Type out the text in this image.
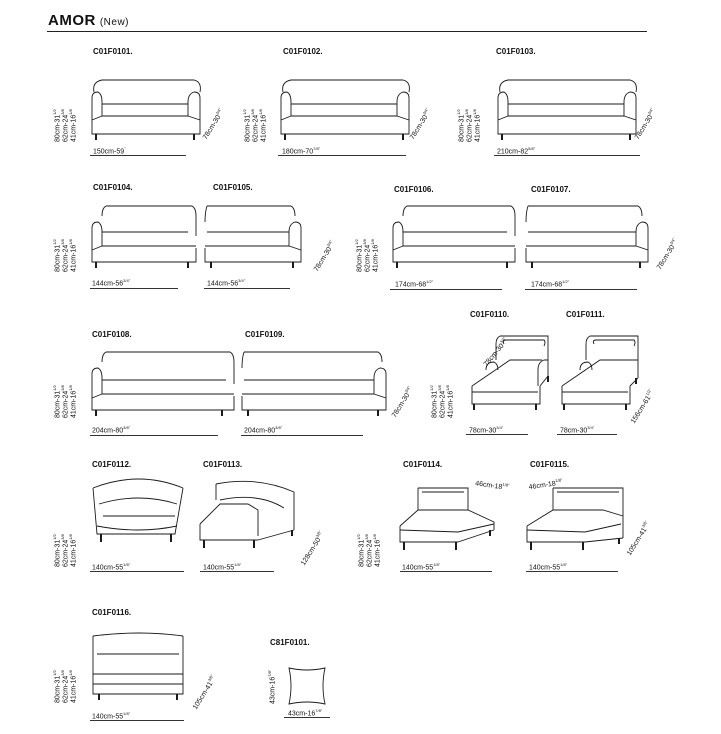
AMOR (New)
$80cm-31^{1/2}$
$62cm-24^{3/8}$
$41cm-16^{1/8}$
$80cm-31^{1/2}$
$62cm-24^{3/8}$
$41cm-16^{1/8}$
$80cm-31^{1/2}$
$62cm-24^{3/8}$
$41cm-16^{1/8}$
$80cm-31^{1/2}$
$62cm-24^{3/8}$
$41cm-16^{1/8}$
$80cm-31^{1/2}$
$62cm-24^{3/8}$
$41cm-16^{1/8}$
$80cm-31^{1/2}$
$62cm-24^{3/8}$
$41cm-16^{1/8}$
$80cm-31^{1/2}$
$62cm-24^{3/8}$
$41cm-16^{1/8}$
$80cm-31^{1/2}$
$62cm-24^{3/8}$
$41cm-16^{1/8}$
$80cm-31^{1/2}$
$62cm-24^{3/8}$
$41cm-16^{1/8}$
$80cm-31^{1/2}$
$62cm-24^{3/8}$
$41cm-16^{1/8}$
C01F0101.
150cm-59"
$78cm-30^{3/4"}$
C01F0102.
$180cm-70^{7/8"}$
$78cm-30^{3/4"}$
C01F0103.
$210cm-82^{5/8"}$
$78cm-30^{3/4"}$
C01F0104.
$144cm-56^{3/4"}$
C01F0105.
$144cm-56^{3/4"}$
$78cm-30^{3/4"}$
C01F0106.
$174cm-68^{1/2"}$
C01F0107.
$174cm-68^{1/2"}$
$78cm-30^{3/4"}$
C01F0108.
$204cm-80^{3/8"}$
C01F0109.
$204cm-80^{3/8"}$
$78cm-30^{3/4"}$
C01F0110.
$78cm-30^{3/4"}$
$78cm-30^{3/4"}$
C01F0111.
$78cm-30^{3/4"}$
$156cm-61^{1/2"}$
C01F0112.
$140cm-55^{1/8"}$
C01F0113.
$140cm-55^{1/8"}$	$128cm-50^{3/8"}$
C01F0114.
$46cm-18^{1/8"}$
$140cm-55^{1/8"}$
C01F0115.
$46cm-18^{1/8"}$
$140cm-55^{1/8"}$
$105cm-41^{3/8"}$
C01F0116.
$140cm-55^{1/8"}$
$105cm-41^{3/8"}$
C81F0101.
$43cm-16^{7/8"}$
$43cm-16^{7/8"}$
